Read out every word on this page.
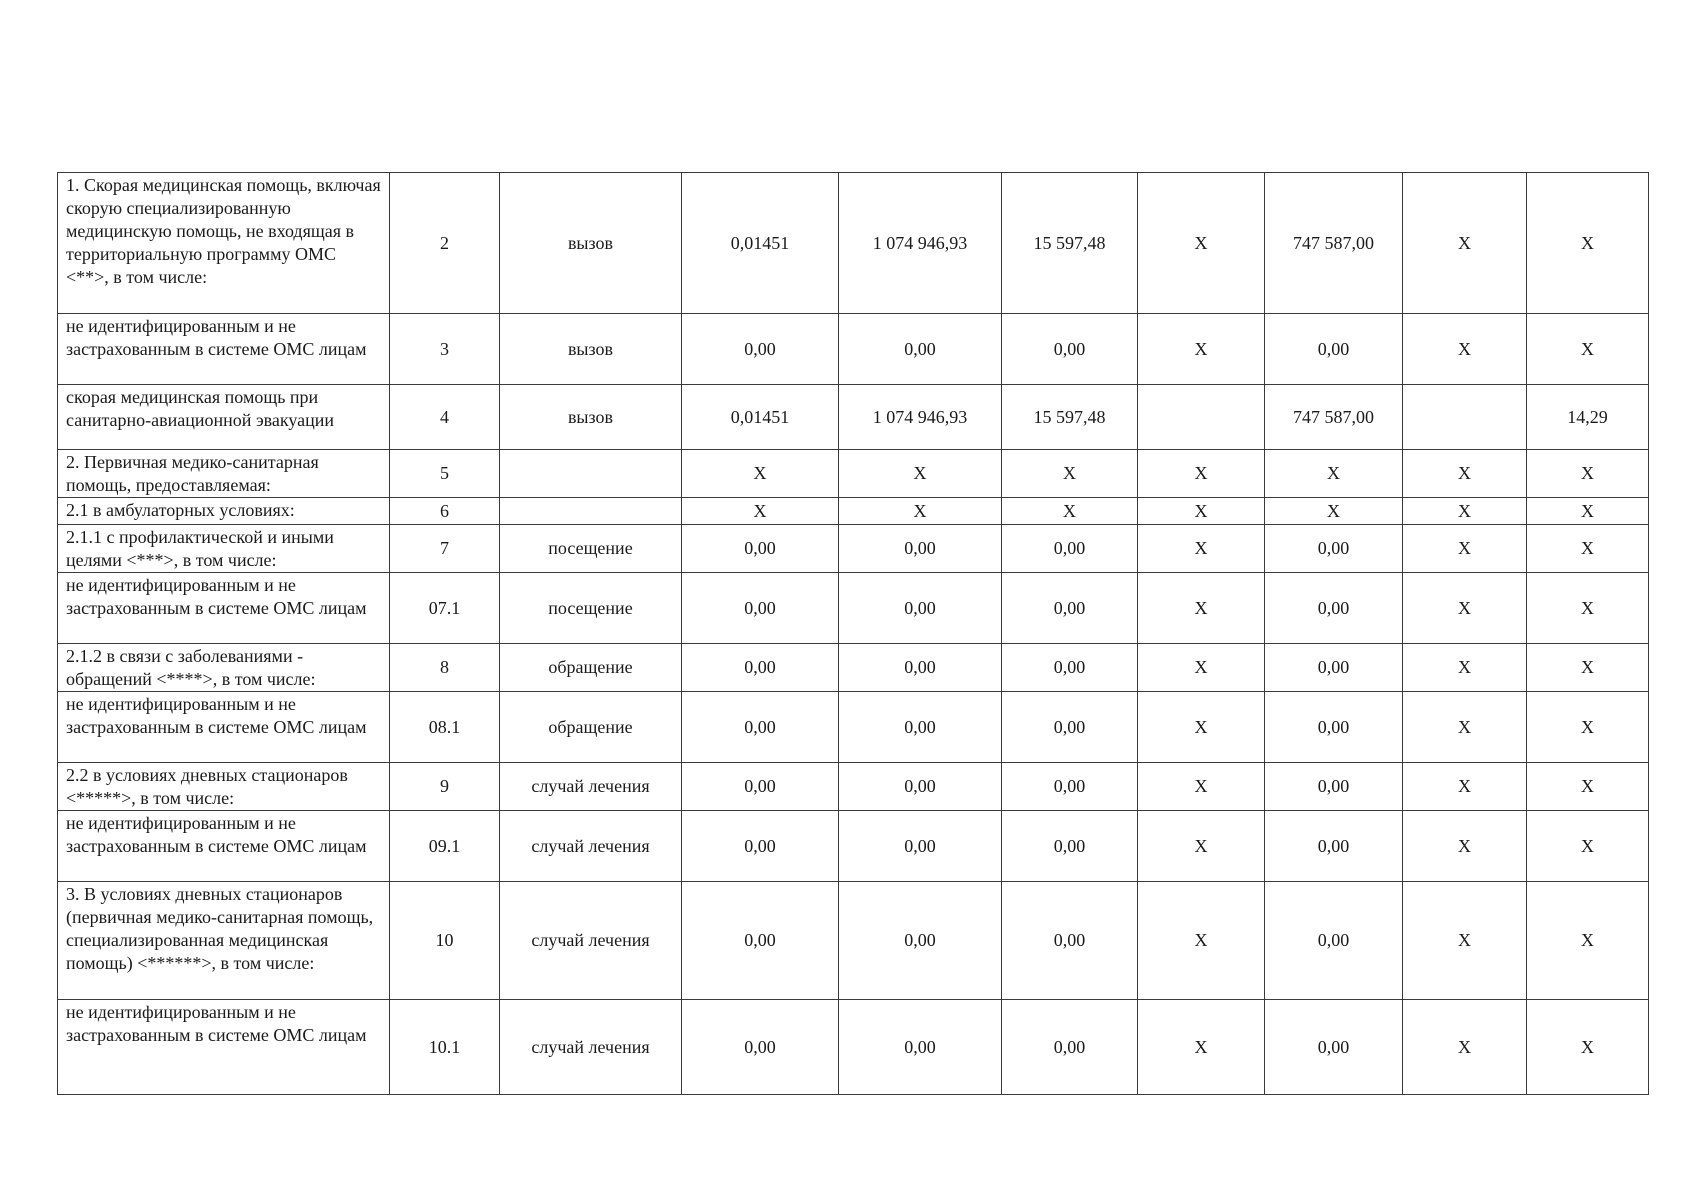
1. Скорая медицинская помощь, включая скорую специализированную медицинскую помощь, не входящая в территориальную программу ОМС <**>, в том числе:	2	вызов	0,01451	1 074 946,93	15 597,48	X	747 587,00	X	X
не идентифицированным и не застрахованным в системе ОМС лицам	3	вызов	0,00	0,00	0,00	X	0,00	X	X
скорая медицинская помощь при санитарно-авиационной эвакуации	4	вызов	0,01451	1 074 946,93	15 597,48		747 587,00		14,29
2. Первичная медико-санитарная помощь, предоставляемая:	5		X	X	X	X	X	X	X
2.1 в амбулаторных условиях:	6		X	X	X	X	X	X	X
2.1.1 с профилактической и иными целями <***>, в том числе:	7	посещение	0,00	0,00	0,00	X	0,00	X	X
не идентифицированным и не застрахованным в системе ОМС лицам	07.1	посещение	0,00	0,00	0,00	X	0,00	X	X
2.1.2 в связи с заболеваниями - обращений <****>, в том числе:	8	обращение	0,00	0,00	0,00	X	0,00	X	X
не идентифицированным и не застрахованным в системе ОМС лицам	08.1	обращение	0,00	0,00	0,00	X	0,00	X	X
2.2 в условиях дневных стационаров <*****>, в том числе:	9	случай лечения	0,00	0,00	0,00	X	0,00	X	X
не идентифицированным и не застрахованным в системе ОМС лицам	09.1	случай лечения	0,00	0,00	0,00	X	0,00	X	X
3. В условиях дневных стационаров (первичная медико-санитарная помощь, специализированная медицинская помощь) <******>, в том числе:	10	случай лечения	0,00	0,00	0,00	X	0,00	X	X
не идентифицированным и не застрахованным в системе ОМС лицам	10.1	случай лечения	0,00	0,00	0,00	X	0,00	X	X
